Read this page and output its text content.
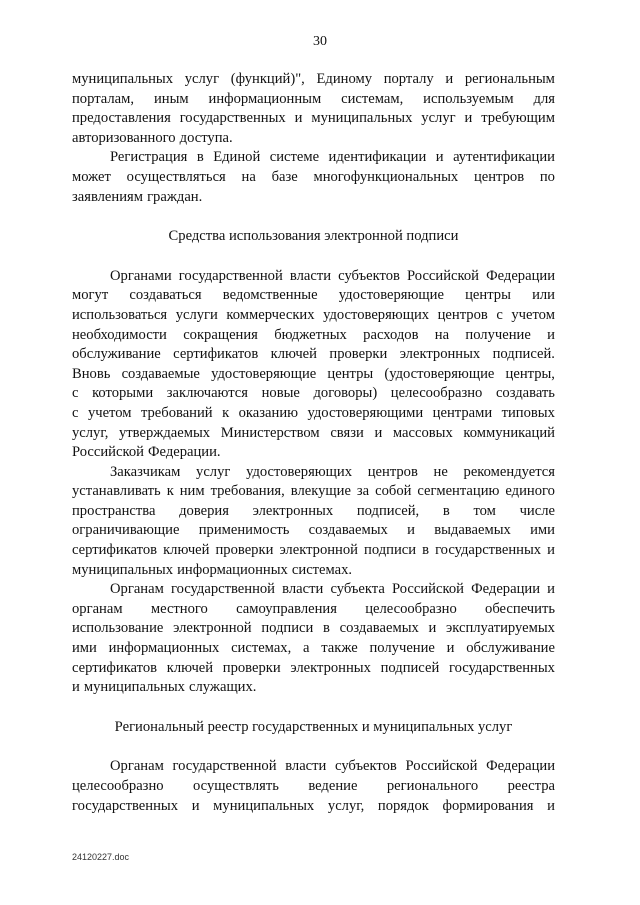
30
муниципальных услуг (функций)", Единому порталу и региональным
порталам, иным информационным системам, используемым для
предоставления государственных и муниципальных услуг и требующим
авторизованного доступа.
Регистрация в Единой системе идентификации и аутентификации
может осуществляться на базе многофункциональных центров по
заявлениям граждан.
Средства использования электронной подписи
Органами государственной власти субъектов Российской Федерации
могут создаваться ведомственные удостоверяющие центры или
использоваться услуги коммерческих удостоверяющих центров с учетом
необходимости сокращения бюджетных расходов на получение и
обслуживание сертификатов ключей проверки электронных подписей.
Вновь создаваемые удостоверяющие центры (удостоверяющие центры,
с которыми заключаются новые договоры) целесообразно создавать
с учетом требований к оказанию удостоверяющими центрами типовых
услуг, утверждаемых Министерством связи и массовых коммуникаций
Российской Федерации.
Заказчикам услуг удостоверяющих центров не рекомендуется
устанавливать к ним требования, влекущие за собой сегментацию единого
пространства доверия электронных подписей, в том числе
ограничивающие применимость создаваемых и выдаваемых ими
сертификатов ключей проверки электронной подписи в государственных и
муниципальных информационных системах.
Органам государственной власти субъекта Российской Федерации и
органам местного самоуправления целесообразно обеспечить
использование электронной подписи в создаваемых и эксплуатируемых
ими информационных системах, а также получение и обслуживание
сертификатов ключей проверки электронных подписей государственных
и муниципальных служащих.
Региональный реестр государственных и муниципальных услуг
Органам государственной власти субъектов Российской Федерации
целесообразно осуществлять ведение регионального реестра
государственных и муниципальных услуг, порядок формирования и
24120227.doc
